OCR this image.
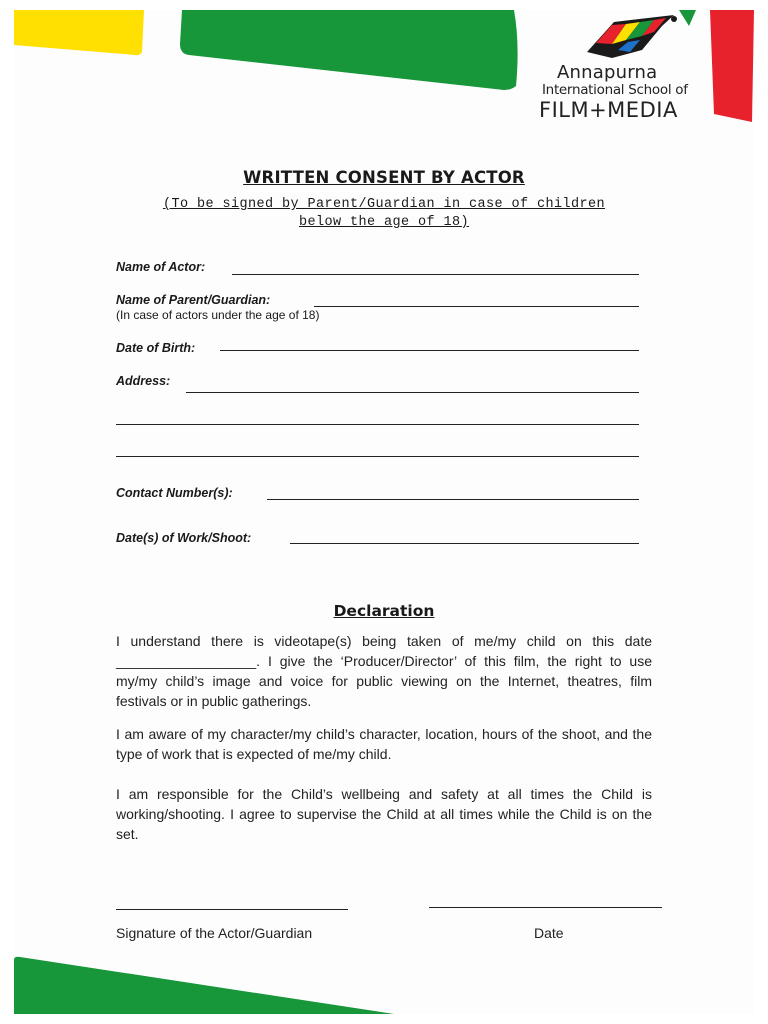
Annapurna
International School of
FILM+MEDIA
WRITTEN CONSENT BY ACTOR
(To be signed by Parent/Guardian in case of children
below the age of 18)
Name of Actor:
Name of Parent/Guardian:
(In case of actors under the age of 18)
Date of Birth:
Address:
Contact Number(s):
Date(s) of Work/Shoot:
Declaration

I understand there is videotape(s) being taken of me/my child on this date __________________. I give the ‘Producer/Director’ of this film, the right to use my/my child’s image and voice for public viewing on the Internet, theatres, film festivals or in public gatherings.

I am aware of my character/my child’s character, location, hours of the shoot, and the type of work that is expected of me/my child.

I am responsible for the Child’s wellbeing and safety at all times the Child is working/shooting. I agree to supervise the Child at all times while the Child is on the set.

Signature of the Actor/Guardian	Date
